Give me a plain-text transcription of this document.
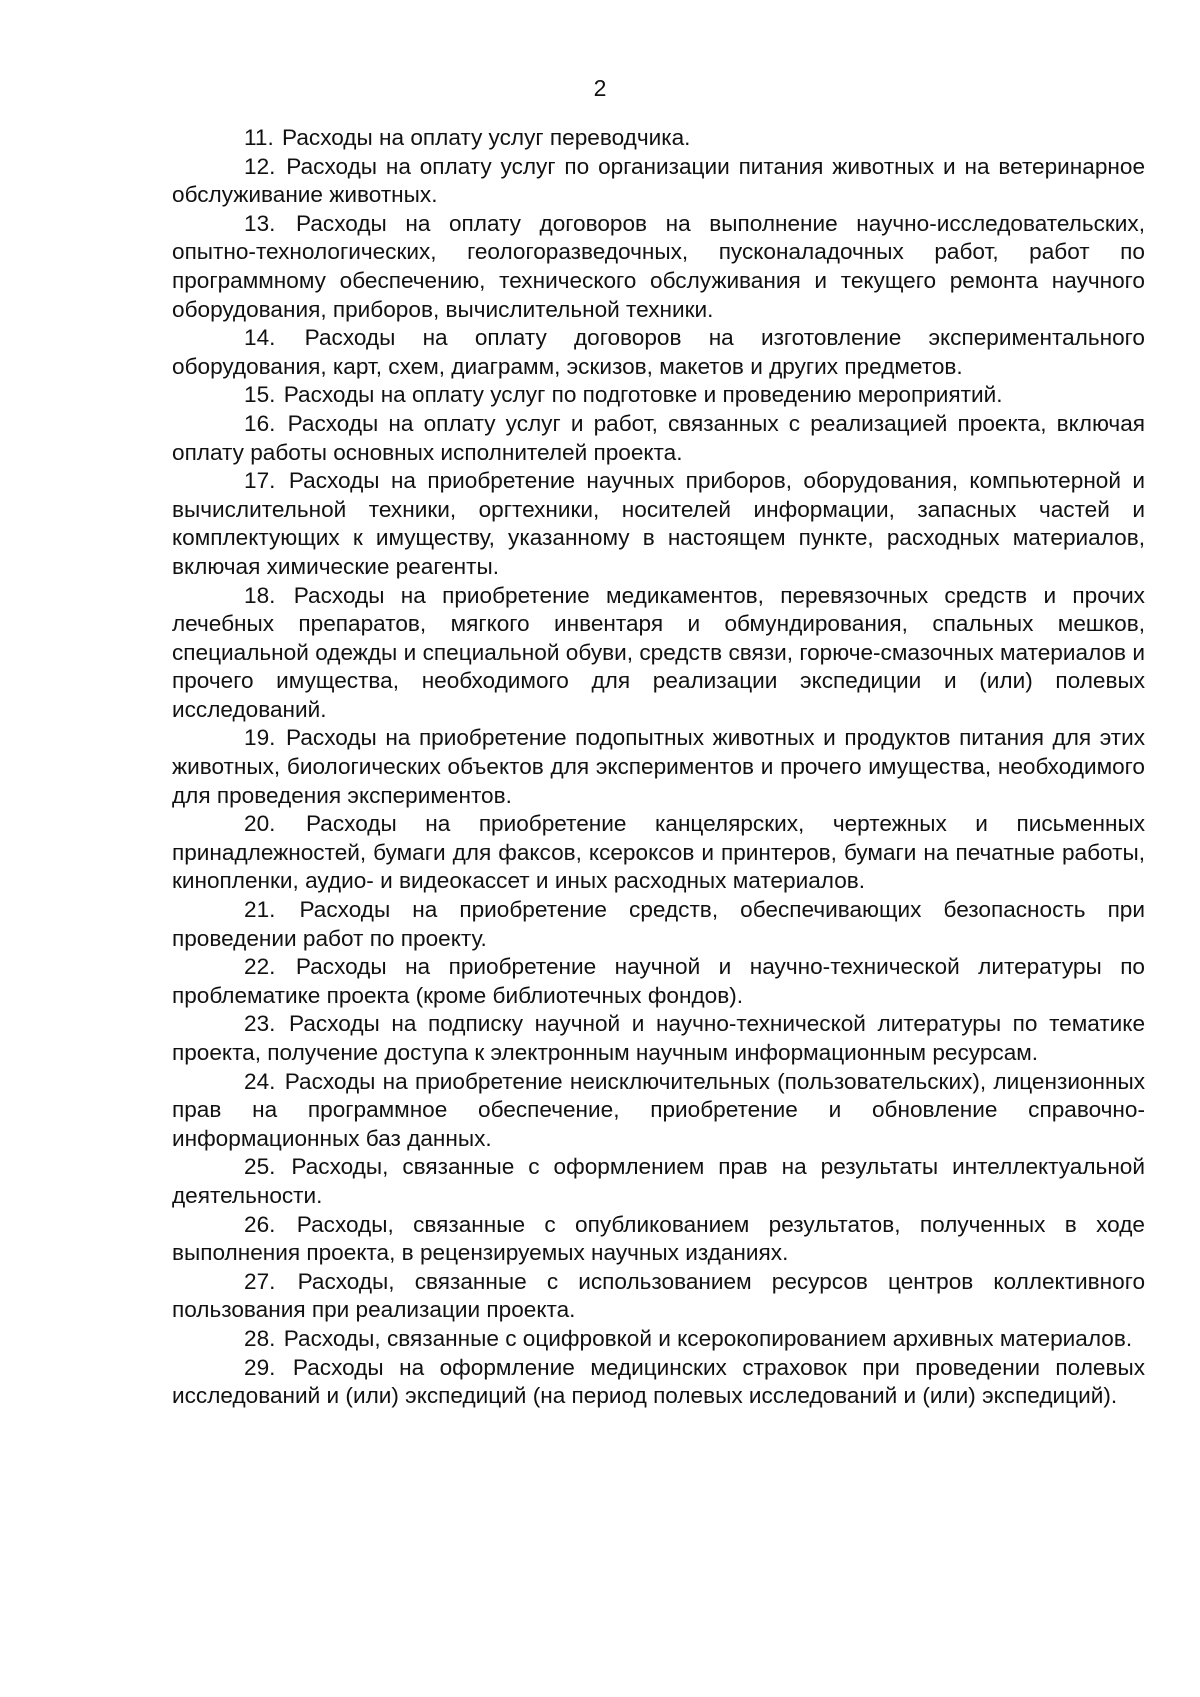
2

11. Расходы на оплату услуг переводчика.

12. Расходы на оплату услуг по организации питания животных и на ветеринарное обслуживание животных.

13. Расходы на оплату договоров на выполнение научно-исследовательских, опытно-технологических, геологоразведочных, пусконаладочных работ, работ по программному обеспечению, технического обслуживания и текущего ремонта научного оборудования, приборов, вычислительной техники.

14. Расходы на оплату договоров на изготовление экспериментального оборудования, карт, схем, диаграмм, эскизов, макетов и других предметов.

15. Расходы на оплату услуг по подготовке и проведению мероприятий.

16. Расходы на оплату услуг и работ, связанных с реализацией проекта, включая оплату работы основных исполнителей проекта.

17. Расходы на приобретение научных приборов, оборудования, компьютерной и вычислительной техники, оргтехники, носителей информации, запасных частей и комплектующих к имуществу, указанному в настоящем пункте, расходных материалов, включая химические реагенты.

18. Расходы на приобретение медикаментов, перевязочных средств и прочих лечебных препаратов, мягкого инвентаря и обмундирования, спальных мешков, специальной одежды и специальной обуви, средств связи, горюче-смазочных материалов и прочего имущества, необходимого для реализации экспедиции и (или) полевых исследований.

19. Расходы на приобретение подопытных животных и продуктов питания для этих животных, биологических объектов для экспериментов и прочего имущества, необходимого для проведения экспериментов.

20. Расходы на приобретение канцелярских, чертежных и письменных принадлежностей, бумаги для факсов, ксероксов и принтеров, бумаги на печатные работы, кинопленки, аудио- и видеокассет и иных расходных материалов.

21. Расходы на приобретение средств, обеспечивающих безопасность при проведении работ по проекту.

22. Расходы на приобретение научной и научно-технической литературы по проблематике проекта (кроме библиотечных фондов).

23. Расходы на подписку научной и научно-технической литературы по тематике проекта, получение доступа к электронным научным информационным ресурсам.

24. Расходы на приобретение неисключительных (пользовательских), лицензионных прав на программное обеспечение, приобретение и обновление справочно-информационных баз данных.

25. Расходы, связанные с оформлением прав на результаты интеллектуальной деятельности.

26. Расходы, связанные с опубликованием результатов, полученных в ходе выполнения проекта, в рецензируемых научных изданиях.

27. Расходы, связанные с использованием ресурсов центров коллективного пользования при реализации проекта.

28. Расходы, связанные с оцифровкой и ксерокопированием архивных материалов.

29. Расходы на оформление медицинских страховок при проведении полевых исследований и (или) экспедиций (на период полевых исследований и (или) экспедиций).
